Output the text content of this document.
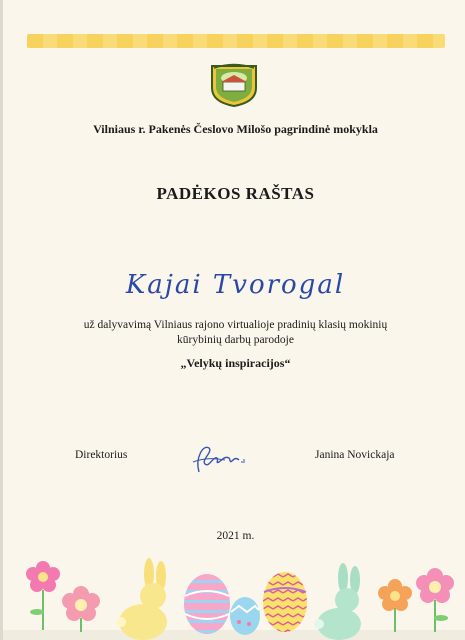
Vilniaus r. Pakenės Česlovo Milošo pagrindinė mokykla
PADĖKOS RAŠTAS
Kajai Tvorogal
už dalyvavimą Vilniaus rajono virtualioje pradinių klasių mokinių kūrybinių darbų parodoje
„Velykų inspiracijos“
Direktorius	Janina Novickaja
2021 m.
